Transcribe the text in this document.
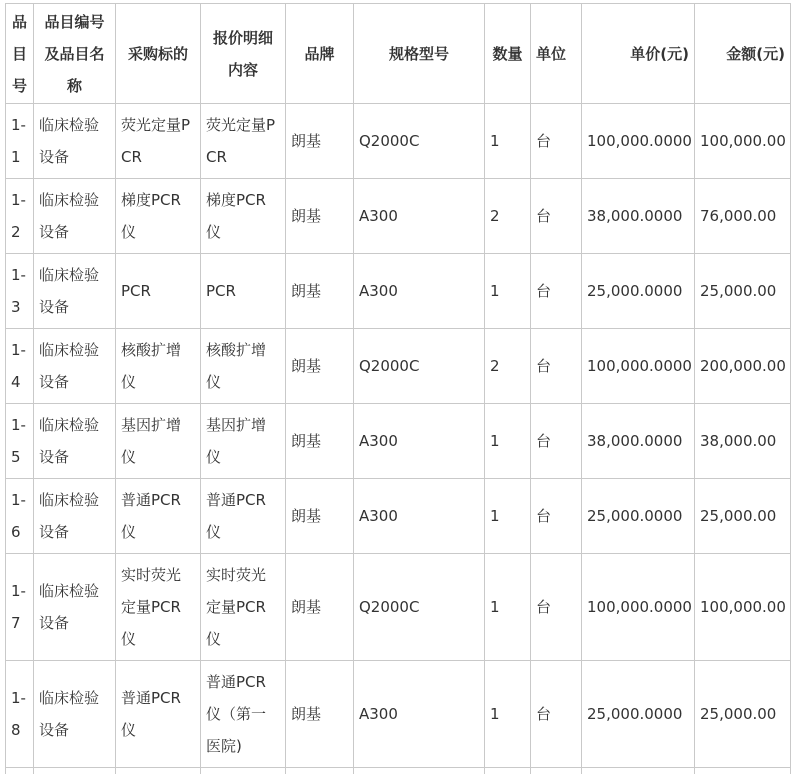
品目号	品目编号及品目名称	采购标的	报价明细内容	品牌	规格型号	数量	单位	单价(元)	金额(元)
1-1	临床检验设备	荧光定量PCR	荧光定量PCR	朗基	Q2000C	1	台	100,000.0000	100,000.00
1-2	临床检验设备	梯度PCR仪	梯度PCR仪	朗基	A300	2	台	38,000.0000	76,000.00
1-3	临床检验设备	PCR	PCR	朗基	A300	1	台	25,000.0000	25,000.00
1-4	临床检验设备	核酸扩增仪	核酸扩增仪	朗基	Q2000C	2	台	100,000.0000	200,000.00
1-5	临床检验设备	基因扩增仪	基因扩增仪	朗基	A300	1	台	38,000.0000	38,000.00
1-6	临床检验设备	普通PCR仪	普通PCR仪	朗基	A300	1	台	25,000.0000	25,000.00
1-7	临床检验设备	实时荧光定量PCR仪	实时荧光定量PCR仪	朗基	Q2000C	1	台	100,000.0000	100,000.00
1-8	临床检验设备	普通PCR仪	普通PCR仪（第一医院)	朗基	A300	1	台	25,000.0000	25,000.00
